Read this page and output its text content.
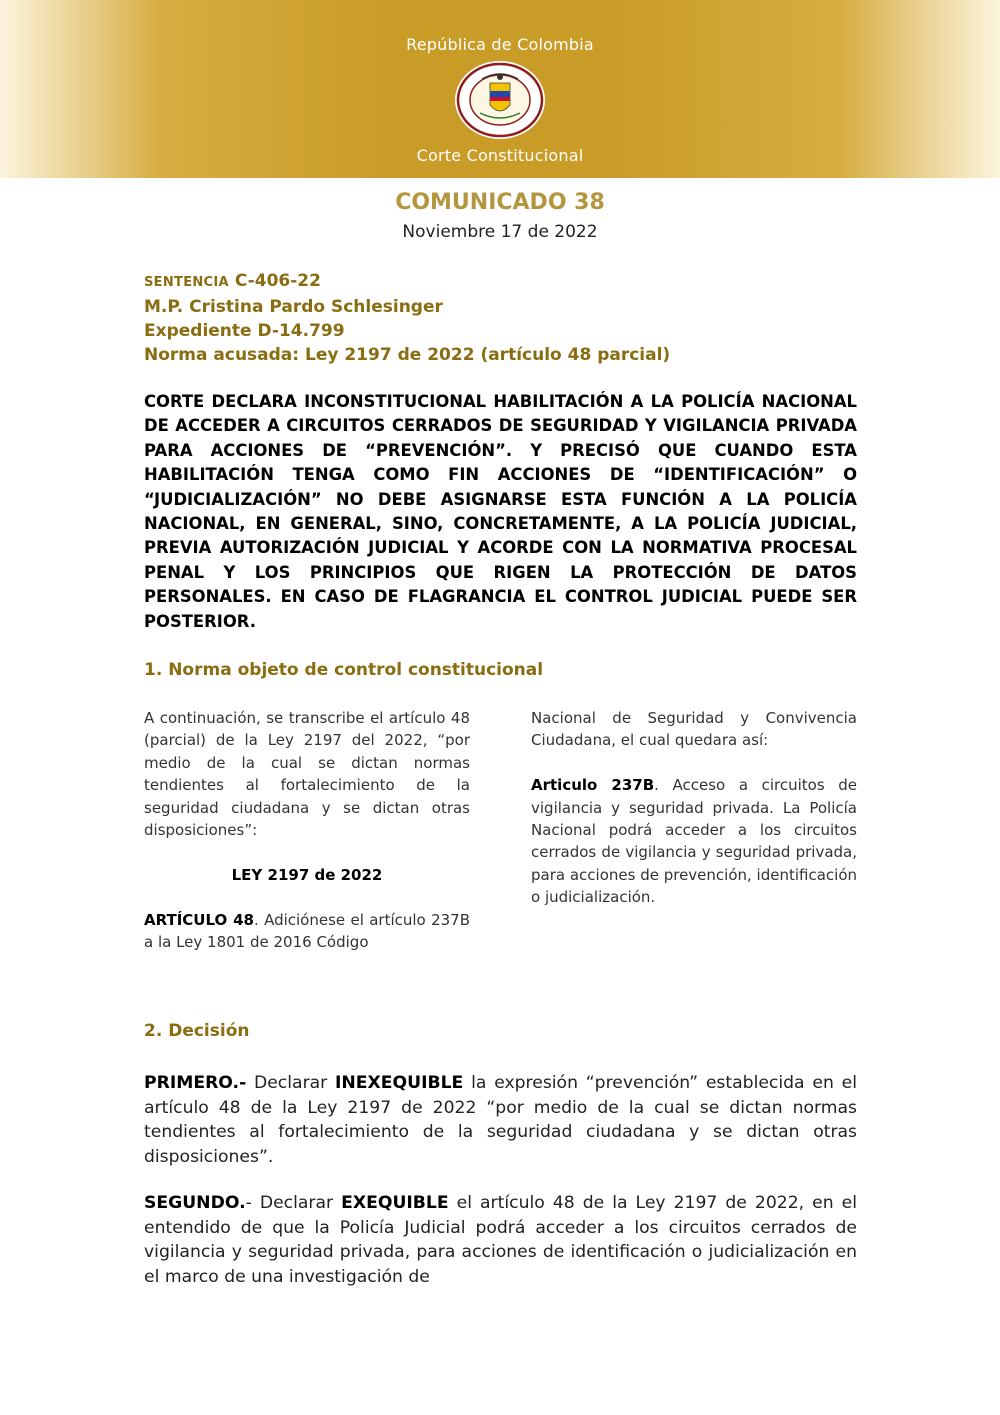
República de Colombia
Corte Constitucional
COMUNICADO 38
Noviembre 17 de 2022
SENTENCIA C-406-22
M.P. Cristina Pardo Schlesinger
Expediente D-14.799
Norma acusada: Ley 2197 de 2022 (artículo 48 parcial)
CORTE DECLARA INCONSTITUCIONAL HABILITACIÓN A LA POLICÍA NACIONAL DE ACCEDER A CIRCUITOS CERRADOS DE SEGURIDAD Y VIGILANCIA PRIVADA PARA ACCIONES DE “PREVENCIÓN”. Y PRECISÓ QUE CUANDO ESTA HABILITACIÓN TENGA COMO FIN ACCIONES DE “IDENTIFICACIÓN” O “JUDICIALIZACIÓN” NO DEBE ASIGNARSE ESTA FUNCIÓN A LA POLICÍA NACIONAL, EN GENERAL, SINO, CONCRETAMENTE, A LA POLICÍA JUDICIAL, PREVIA AUTORIZACIÓN JUDICIAL Y ACORDE CON LA NORMATIVA PROCESAL PENAL Y LOS PRINCIPIOS QUE RIGEN LA PROTECCIÓN DE DATOS PERSONALES. EN CASO DE FLAGRANCIA EL CONTROL JUDICIAL PUEDE SER POSTERIOR.
1. Norma objeto de control constitucional

A continuación, se transcribe el artículo 48 (parcial) de la Ley 2197 del 2022, “por medio de la cual se dictan normas tendientes al fortalecimiento de la seguridad ciudadana y se dictan otras disposiciones”:

LEY 2197 de 2022

ARTÍCULO 48. Adiciónese el artículo 237B a la Ley 1801 de 2016 Código

Nacional de Seguridad y Convivencia Ciudadana, el cual quedara así:

Articulo 237B. Acceso a circuitos de vigilancia y seguridad privada. La Policía Nacional podrá acceder a los circuitos cerrados de vigilancia y seguridad privada, para acciones de prevención, identificación o judicialización.

2. Decisión
PRIMERO.- Declarar INEXEQUIBLE la expresión “prevención” establecida en el artículo 48 de la Ley 2197 de 2022 “por medio de la cual se dictan normas tendientes al fortalecimiento de la seguridad ciudadana y se dictan otras disposiciones”.
SEGUNDO.- Declarar EXEQUIBLE el artículo 48 de la Ley 2197 de 2022, en el entendido de que la Policía Judicial podrá acceder a los circuitos cerrados de vigilancia y seguridad privada, para acciones de identificación o judicialización en el marco de una investigación de
